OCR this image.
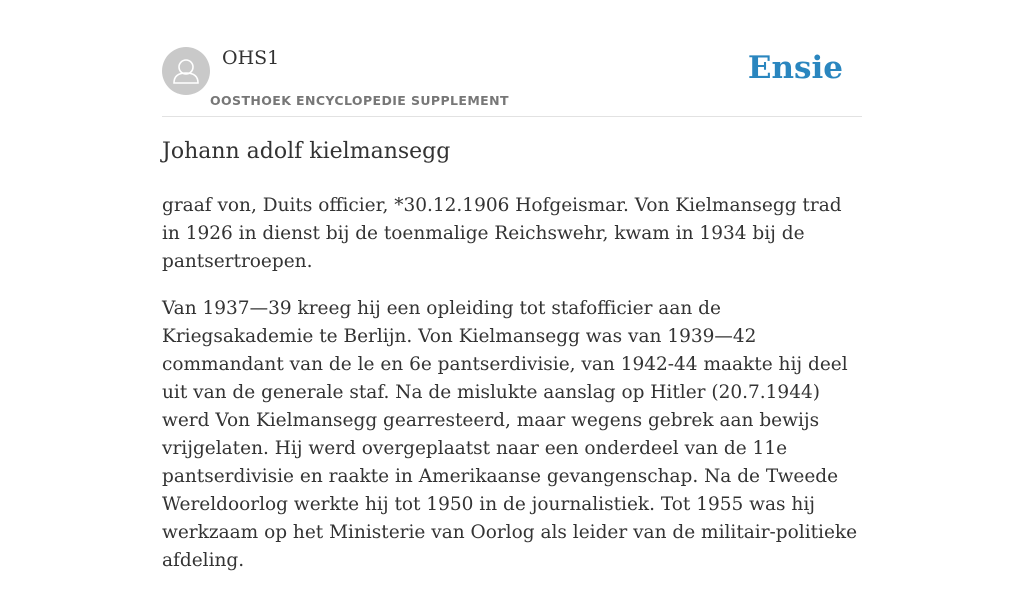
OHS1
OOSTHOEK ENCYCLOPEDIE SUPPLEMENT
Ensie
Johann adolf kielmansegg

graaf von, Duits officier, *30.12.1906 Hofgeismar. Von Kielmansegg trad in 1926 in dienst bij de toenmalige Reichswehr, kwam in 1934 bij de pantsertroepen.

Van 1937—39 kreeg hij een opleiding tot stafofficier aan de Kriegsakademie te Berlijn. Von Kielmansegg was van 1939—42 commandant van de le en 6e pantserdivisie, van 1942-44 maakte hij deel uit van de generale staf. Na de mislukte aanslag op Hitler (20.7.1944) werd Von Kielmansegg gearresteerd, maar wegens gebrek aan bewijs vrijgelaten. Hij werd overgeplaatst naar een onderdeel van de 11e pantserdivisie en raakte in Amerikaanse gevangenschap. Na de Tweede Wereldoorlog werkte hij tot 1950 in de journalistiek. Tot 1955 was hij werkzaam op het Ministerie van Oorlog als leider van de militair-politieke afdeling.
